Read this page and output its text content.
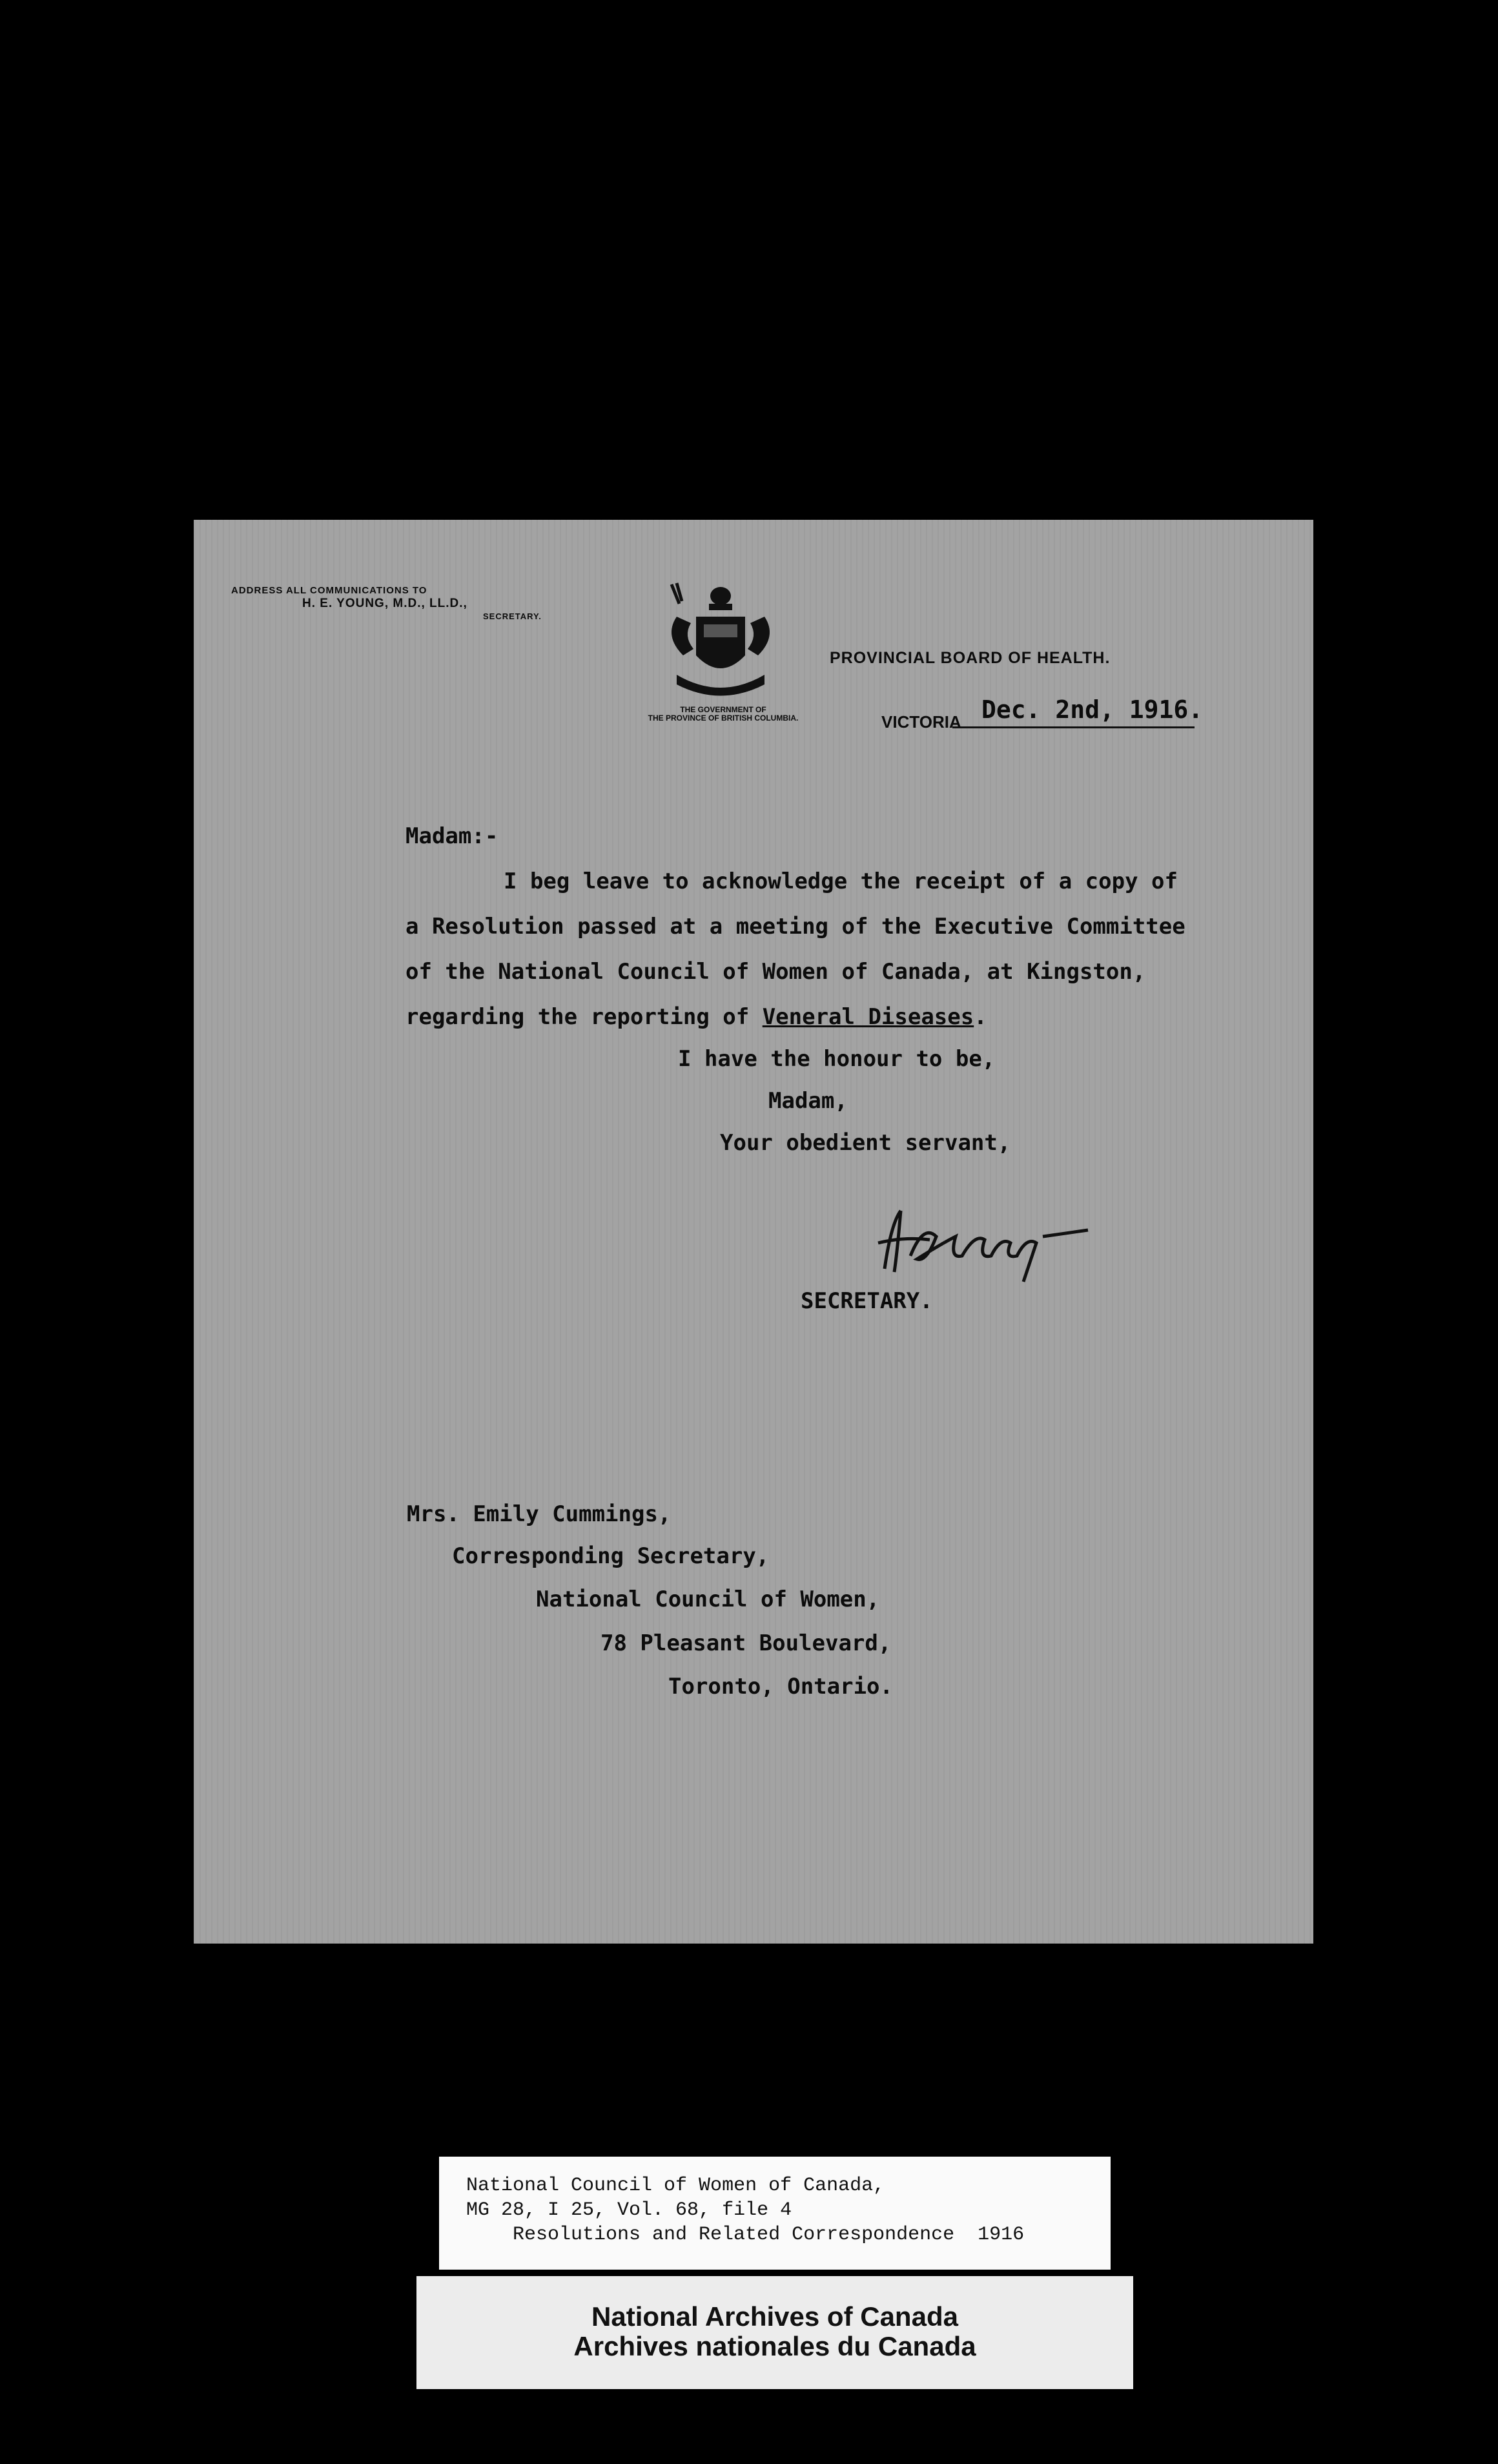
ADDRESS ALL COMMUNICATIONS TO
H. E. YOUNG, M.D., LL.D.,
SECRETARY.
THE GOVERNMENT OF
THE PROVINCE OF BRITISH COLUMBIA.
PROVINCIAL BOARD OF HEALTH.
VICTORIA Dec. 2nd, 1916.
Madam:-
I beg leave to acknowledge the receipt of a copy of
a Resolution passed at a meeting of the Executive Committee
of the National Council of Women of Canada, at Kingston,
regarding the reporting of Veneral Diseases.
I have the honour to be,
Madam,
Your obedient servant,
SECRETARY.
Mrs. Emily Cummings,
Corresponding Secretary,
National Council of Women,
78 Pleasant Boulevard,
Toronto, Ontario.
National Council of Women of Canada,
MG 28, I 25, Vol. 68, file 4
Resolutions and Related Correspondence  1916
National Archives of Canada
Archives nationales du Canada
